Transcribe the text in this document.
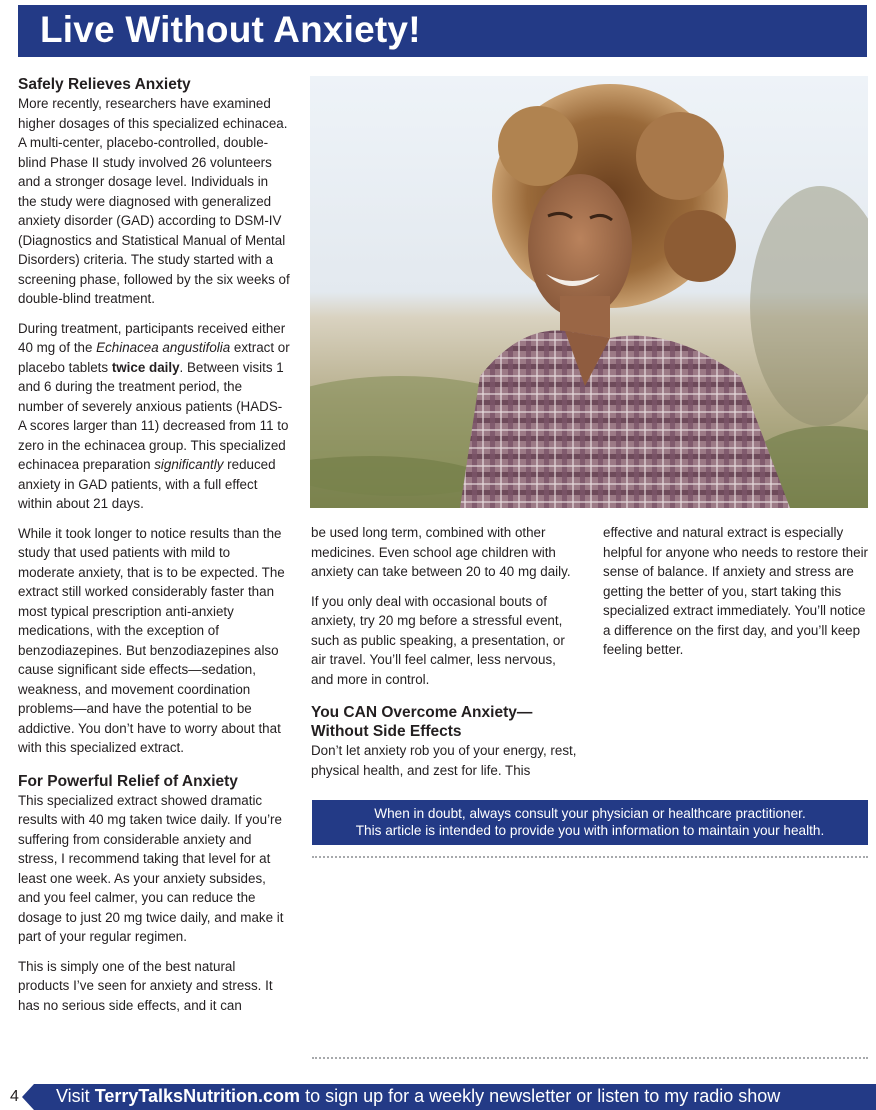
Live Without Anxiety!
Safely Relieves Anxiety

More recently, researchers have examined higher dosages of this specialized echinacea. A multi-center, placebo-controlled, double-blind Phase II study involved 26 volunteers and a stronger dosage level. Individuals in the study were diagnosed with generalized anxiety disorder (GAD) according to DSM-IV (Diagnostics and Statistical Manual of Mental Disorders) criteria. The study started with a screening phase, followed by the six weeks of double-blind treatment.

During treatment, participants received either 40 mg of the Echinacea angustifolia extract or placebo tablets twice daily. Between visits 1 and 6 during the treatment period, the number of severely anxious patients (HADS-A scores larger than 11) decreased from 11 to zero in the echinacea group. This specialized echinacea preparation significantly reduced anxiety in GAD patients, with a full effect within about 21 days.

While it took longer to notice results than the study that used patients with mild to moderate anxiety, that is to be expected. The extract still worked considerably faster than most typical prescription anti-anxiety medications, with the exception of benzodiazepines. But benzodiazepines also cause significant side effects—sedation, weakness, and movement coordination problems—and have the potential to be addictive. You don’t have to worry about that with this specialized extract.

For Powerful Relief of Anxiety

This specialized extract showed dramatic results with 40 mg taken twice daily. If you’re suffering from considerable anxiety and stress, I recommend taking that level for at least one week. As your anxiety subsides, and you feel calmer, you can reduce the dosage to just 20 mg twice daily, and make it part of your regular regimen.

This is simply one of the best natural products I’ve seen for anxiety and stress. It has no serious side effects, and it can

be used long term, combined with other medicines. Even school age children with anxiety can take between 20 to 40 mg daily.

If you only deal with occasional bouts of anxiety, try 20 mg before a stressful event, such as public speaking, a presentation, or air travel. You’ll feel calmer, less nervous, and more in control.

You CAN Overcome Anxiety—Without Side Effects

Don’t let anxiety rob you of your energy, rest, physical health, and zest for life. This

effective and natural extract is especially helpful for anyone who needs to restore their sense of balance. If anxiety and stress are getting the better of you, start taking this specialized extract immediately. You’ll notice a difference on the first day, and you’ll keep feeling better.

When in doubt, always consult your physician or healthcare practitioner.
This article is intended to provide you with information to maintain your health.
4 Visit TerryTalksNutrition.com to sign up for a weekly newsletter or listen to my radio show
